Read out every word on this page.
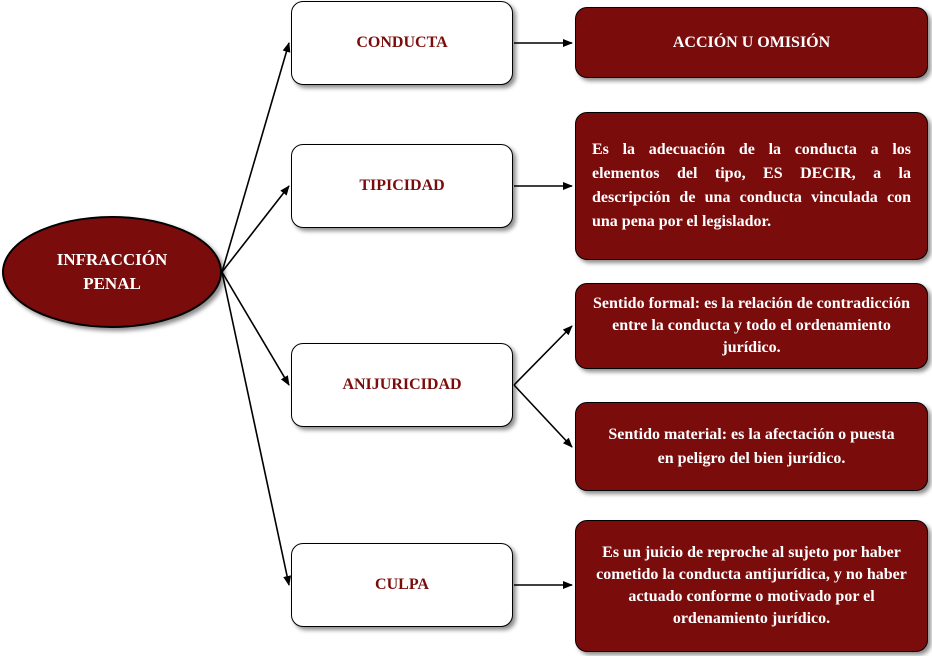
INFRACCIÓN
PENAL
CONDUCTA
TIPICIDAD
ANIJURICIDAD
CULPA
ACCIÓN U OMISIÓN
Es la adecuación de la conducta a los elementos del tipo, ES DECIR, a la descripción de una conducta vinculada con una pena por el legislador.
Sentido formal: es la relación de contradicción entre la conducta y todo el ordenamiento jurídico.
Sentido material: es la afectación o puesta en peligro del bien jurídico.
Es un juicio de reproche al sujeto por haber cometido la conducta antijurídica, y no haber actuado conforme o motivado por el ordenamiento jurídico.
